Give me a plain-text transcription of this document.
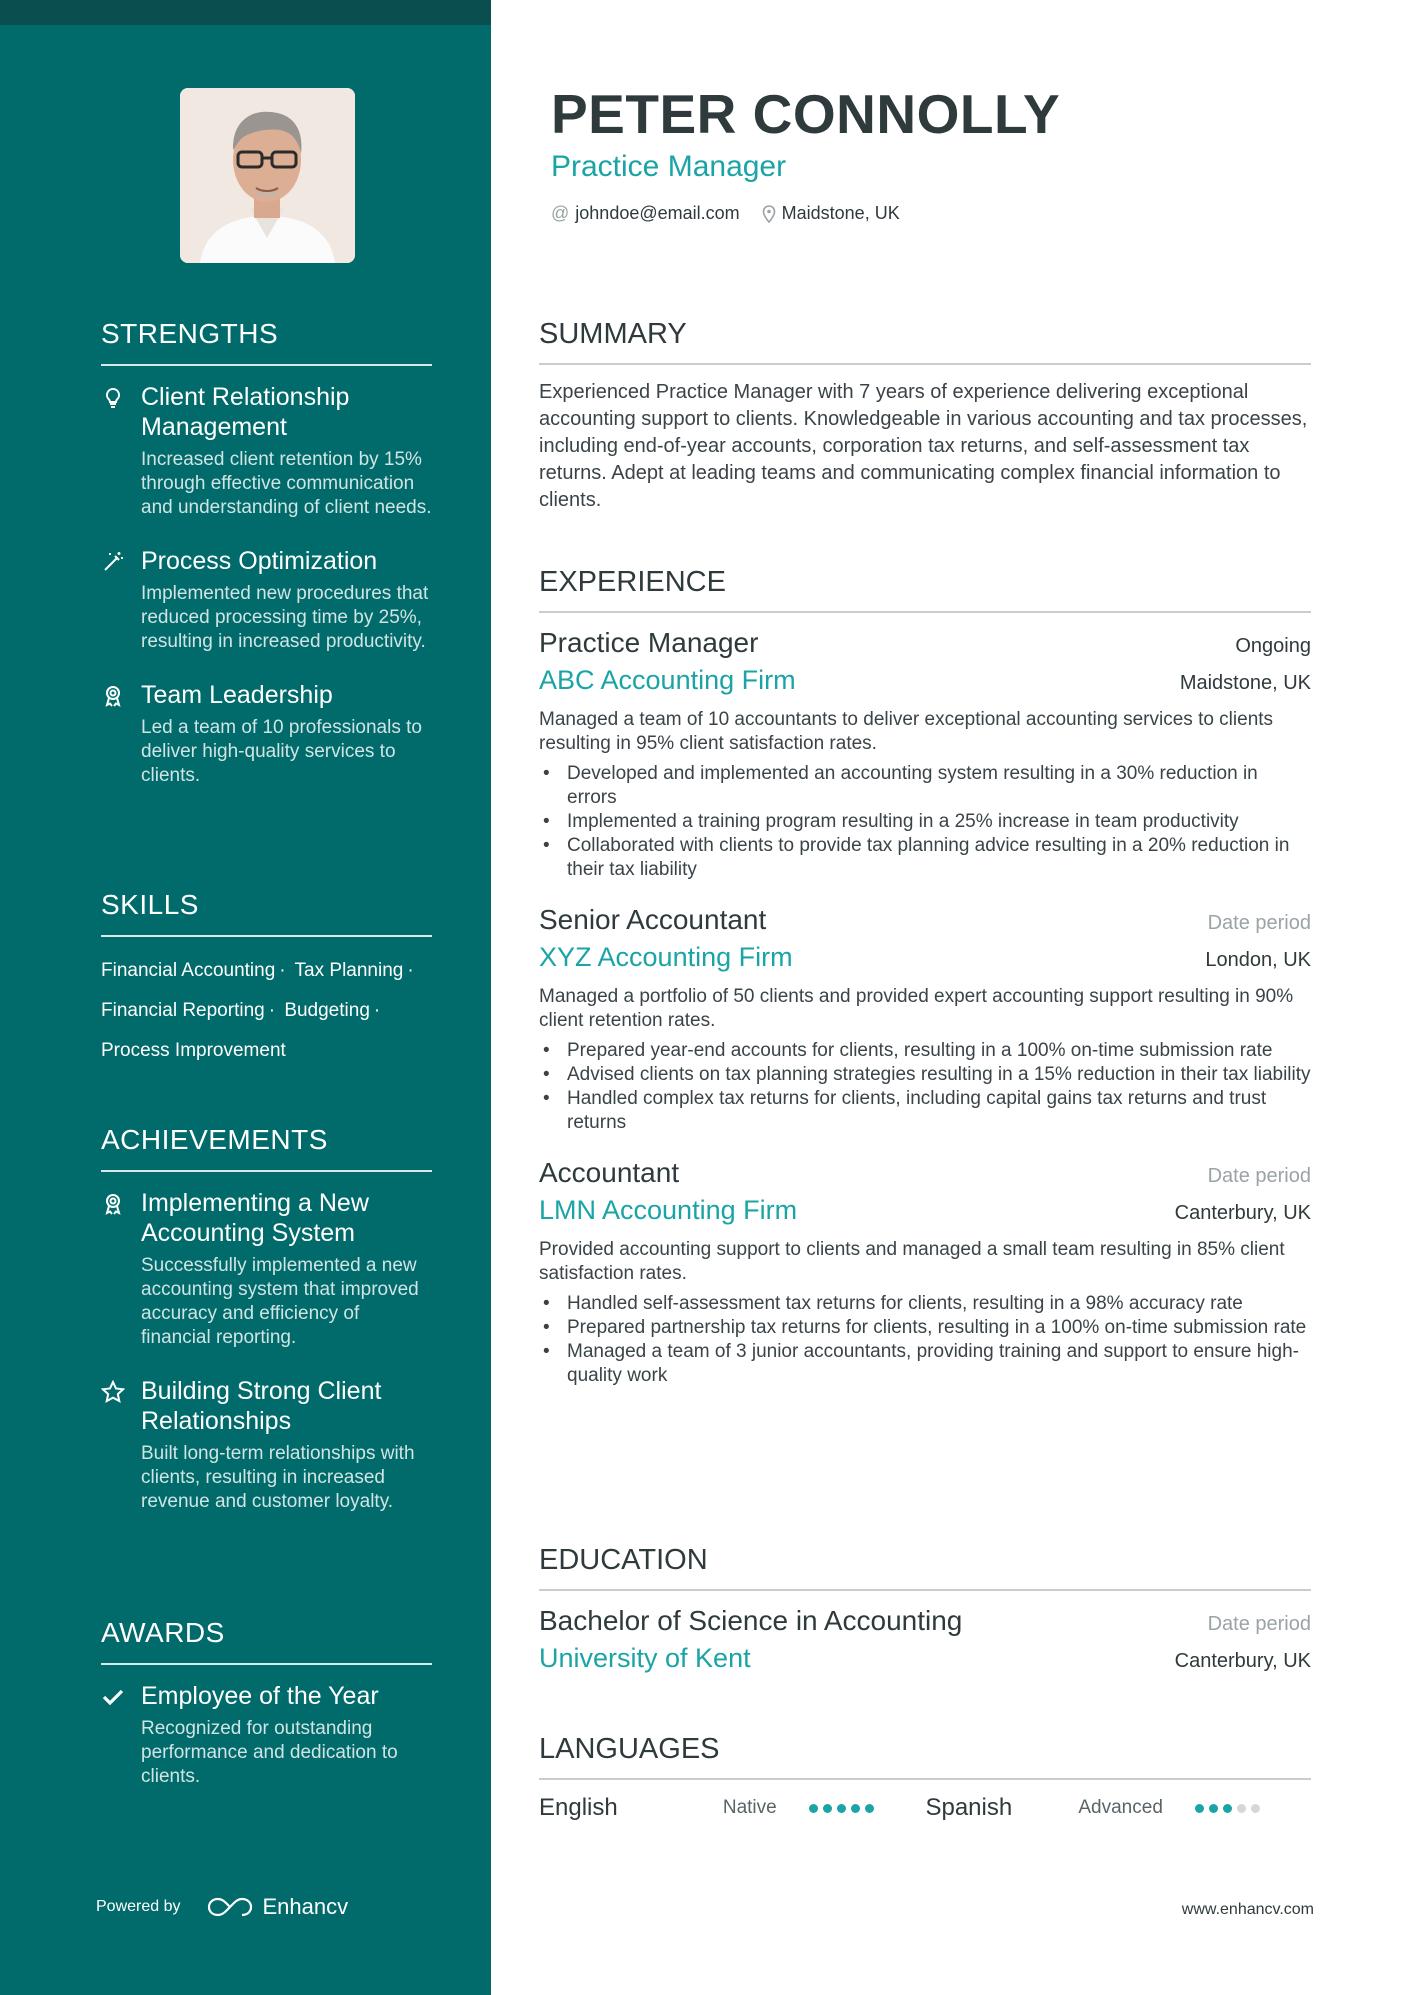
STRENGTHS
Client Relationship Management
Increased client retention by 15% through effective communication and understanding of client needs.
Process Optimization
Implemented new procedures that reduced processing time by 25%, resulting in increased productivity.
Team Leadership
Led a team of 10 professionals to deliver high-quality services to clients.
SKILLS
Financial Accounting · Tax Planning ·
Financial Reporting · Budgeting ·
Process Improvement
ACHIEVEMENTS
Implementing a New Accounting System
Successfully implemented a new accounting system that improved accuracy and efficiency of financial reporting.
Building Strong Client Relationships
Built long-term relationships with clients, resulting in increased revenue and customer loyalty.
AWARDS
Employee of the Year
Recognized for outstanding performance and dedication to clients.
Powered by	Enhancv
PETER CONNOLLY
Practice Manager
@ johndoe@email.com Maidstone, UK
SUMMARY
Experienced Practice Manager with 7 years of experience delivering exceptional accounting support to clients. Knowledgeable in various accounting and tax processes, including end-of-year accounts, corporation tax returns, and self-assessment tax returns. Adept at leading teams and communicating complex financial information to clients.
EXPERIENCE
Practice Manager	Ongoing
ABC Accounting Firm	Maidstone, UK
Managed a team of 10 accountants to deliver exceptional accounting services to clients resulting in 95% client satisfaction rates.
• Developed and implemented an accounting system resulting in a 30% reduction in errors
• Implemented a training program resulting in a 25% increase in team productivity
• Collaborated with clients to provide tax planning advice resulting in a 20% reduction in their tax liability
Senior Accountant	Date period
XYZ Accounting Firm	London, UK
Managed a portfolio of 50 clients and provided expert accounting support resulting in 90% client retention rates.
• Prepared year-end accounts for clients, resulting in a 100% on-time submission rate
• Advised clients on tax planning strategies resulting in a 15% reduction in their tax liability
• Handled complex tax returns for clients, including capital gains tax returns and trust returns
Accountant	Date period
LMN Accounting Firm	Canterbury, UK
Provided accounting support to clients and managed a small team resulting in 85% client satisfaction rates.
• Handled self-assessment tax returns for clients, resulting in a 98% accuracy rate
• Prepared partnership tax returns for clients, resulting in a 100% on-time submission rate
• Managed a team of 3 junior accountants, providing training and support to ensure high-quality work
EDUCATION
Bachelor of Science in Accounting	Date period
University of Kent	Canterbury, UK
LANGUAGES
English	Native	Spanish	Advanced
www.enhancv.com
